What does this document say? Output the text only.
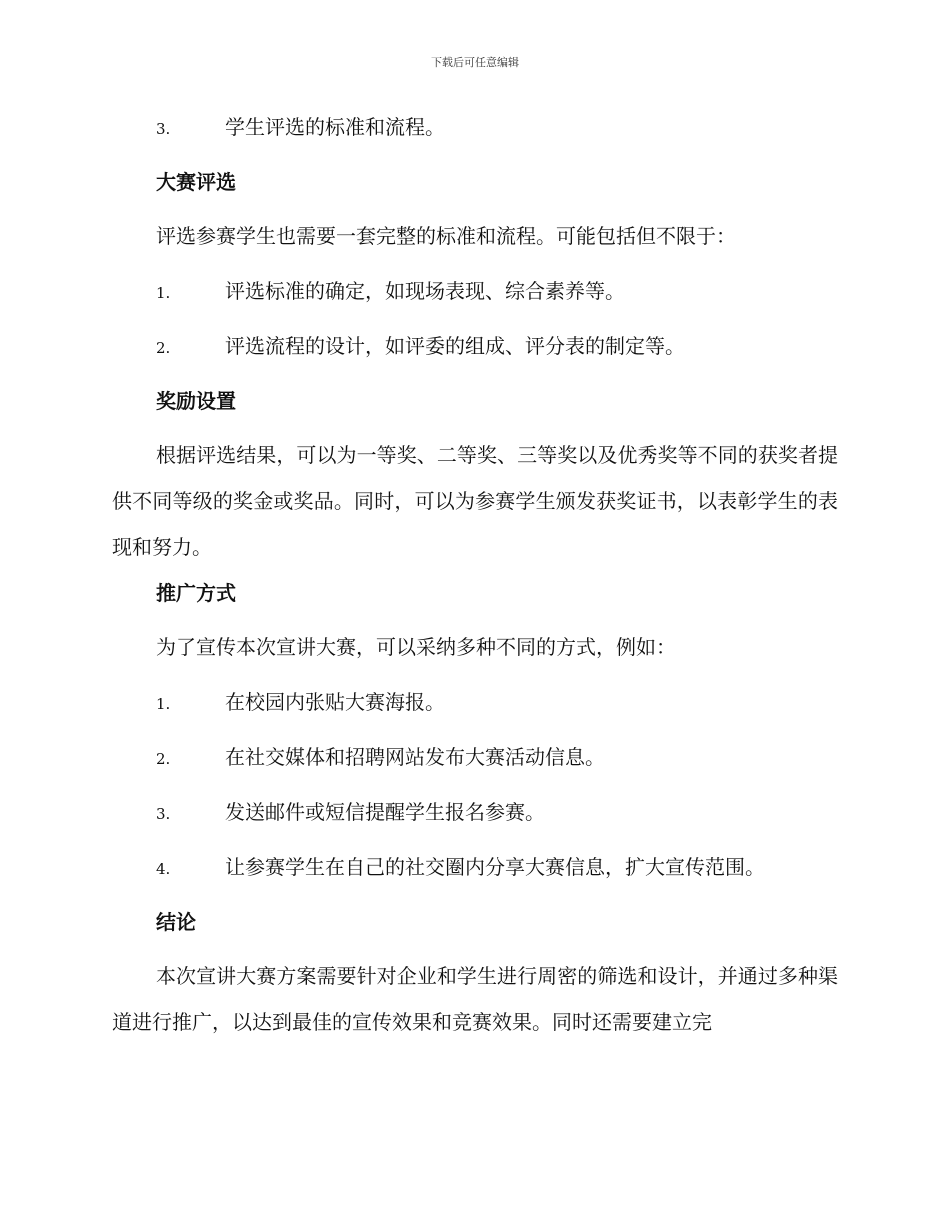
下载后可任意编辑
3.	学生评选的标准和流程。
大赛评选
评选参赛学生也需要一套完整的标准和流程。可能包括但不限于：
1.	评选标准的确定，如现场表现、综合素养等。
2.	评选流程的设计，如评委的组成、评分表的制定等。
奖励设置
根据评选结果，可以为一等奖、二等奖、三等奖以及优秀奖等不同的获奖者提供不同等级的奖金或奖品。同时，可以为参赛学生颁发获奖证书，以表彰学生的表现和努力。
推广方式
为了宣传本次宣讲大赛，可以采纳多种不同的方式，例如：
1.	在校园内张贴大赛海报。
2.	在社交媒体和招聘网站发布大赛活动信息。
3.	发送邮件或短信提醒学生报名参赛。
4.	让参赛学生在自己的社交圈内分享大赛信息，扩大宣传范围。
结论
本次宣讲大赛方案需要针对企业和学生进行周密的筛选和设计，并通过多种渠道进行推广，以达到最佳的宣传效果和竞赛效果。同时还需要建立完
